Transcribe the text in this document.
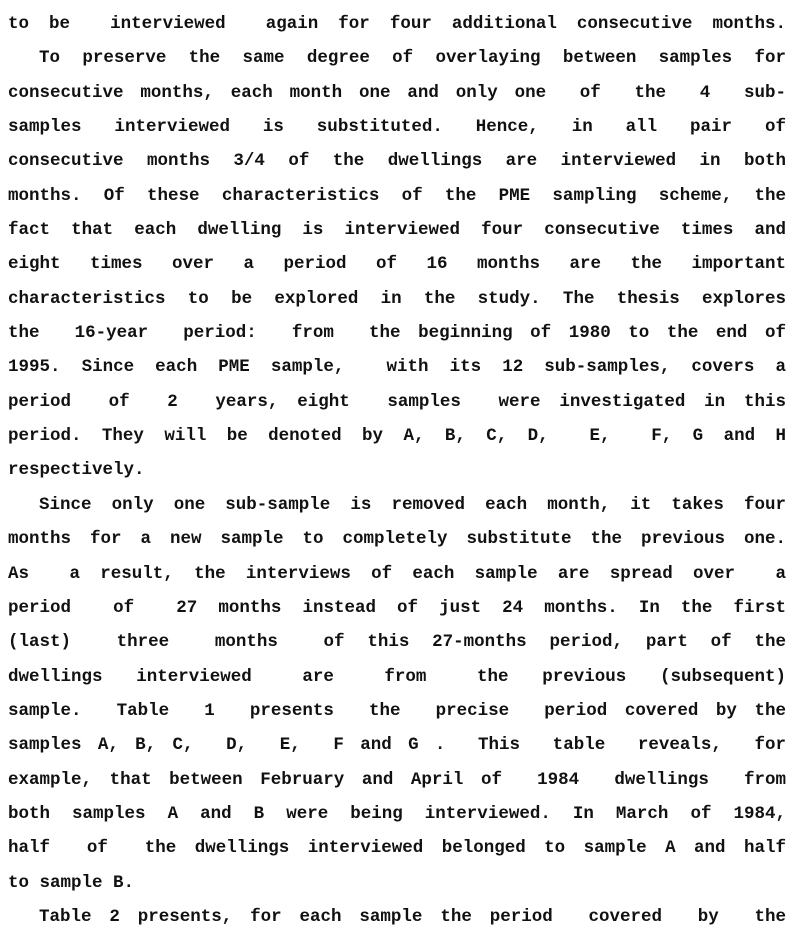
to be  interviewed  again for four additional consecutive months.
To preserve the same degree of overlaying between samples for
consecutive months, each month one and only one  of  the  4  sub-
samples  interviewed  is  substituted.  Hence,  in  all  pair  of
consecutive months 3/4 of the dwellings are interviewed in both
months. Of these characteristics of the PME sampling scheme, the
fact that each dwelling is interviewed four consecutive times and
eight  times  over  a  period  of  16  months  are  the  important
characteristics to be explored in the study. The thesis explores
the  16-year  period:  from  the beginning of 1980 to the end of
1995. Since each PME sample,  with its 12 sub-samples, covers a
period  of  2  years, eight  samples  were investigated in this
period. They will be denoted by A, B, C, D,  E,  F, G and H
respectively.
Since only one sub-sample is removed each month, it takes four
months for a new sample to completely substitute the previous one.
As  a result, the interviews of each sample are spread over  a
period  of  27 months instead of just 24 months. In the first
(last)  three  months  of this 27-months period, part of the
dwellings  interviewed   are   from   the  previous  (subsequent)
sample.  Table  1  presents  the  precise  period covered by the
samples A, B, C,  D,  E,  F and G .  This  table  reveals,  for
example, that between February and April of  1984  dwellings  from
both samples A and B were being interviewed. In March of 1984,
half  of  the dwellings interviewed belonged to sample A and half
to sample B.
Table 2 presents, for each sample the period  covered  by  the
